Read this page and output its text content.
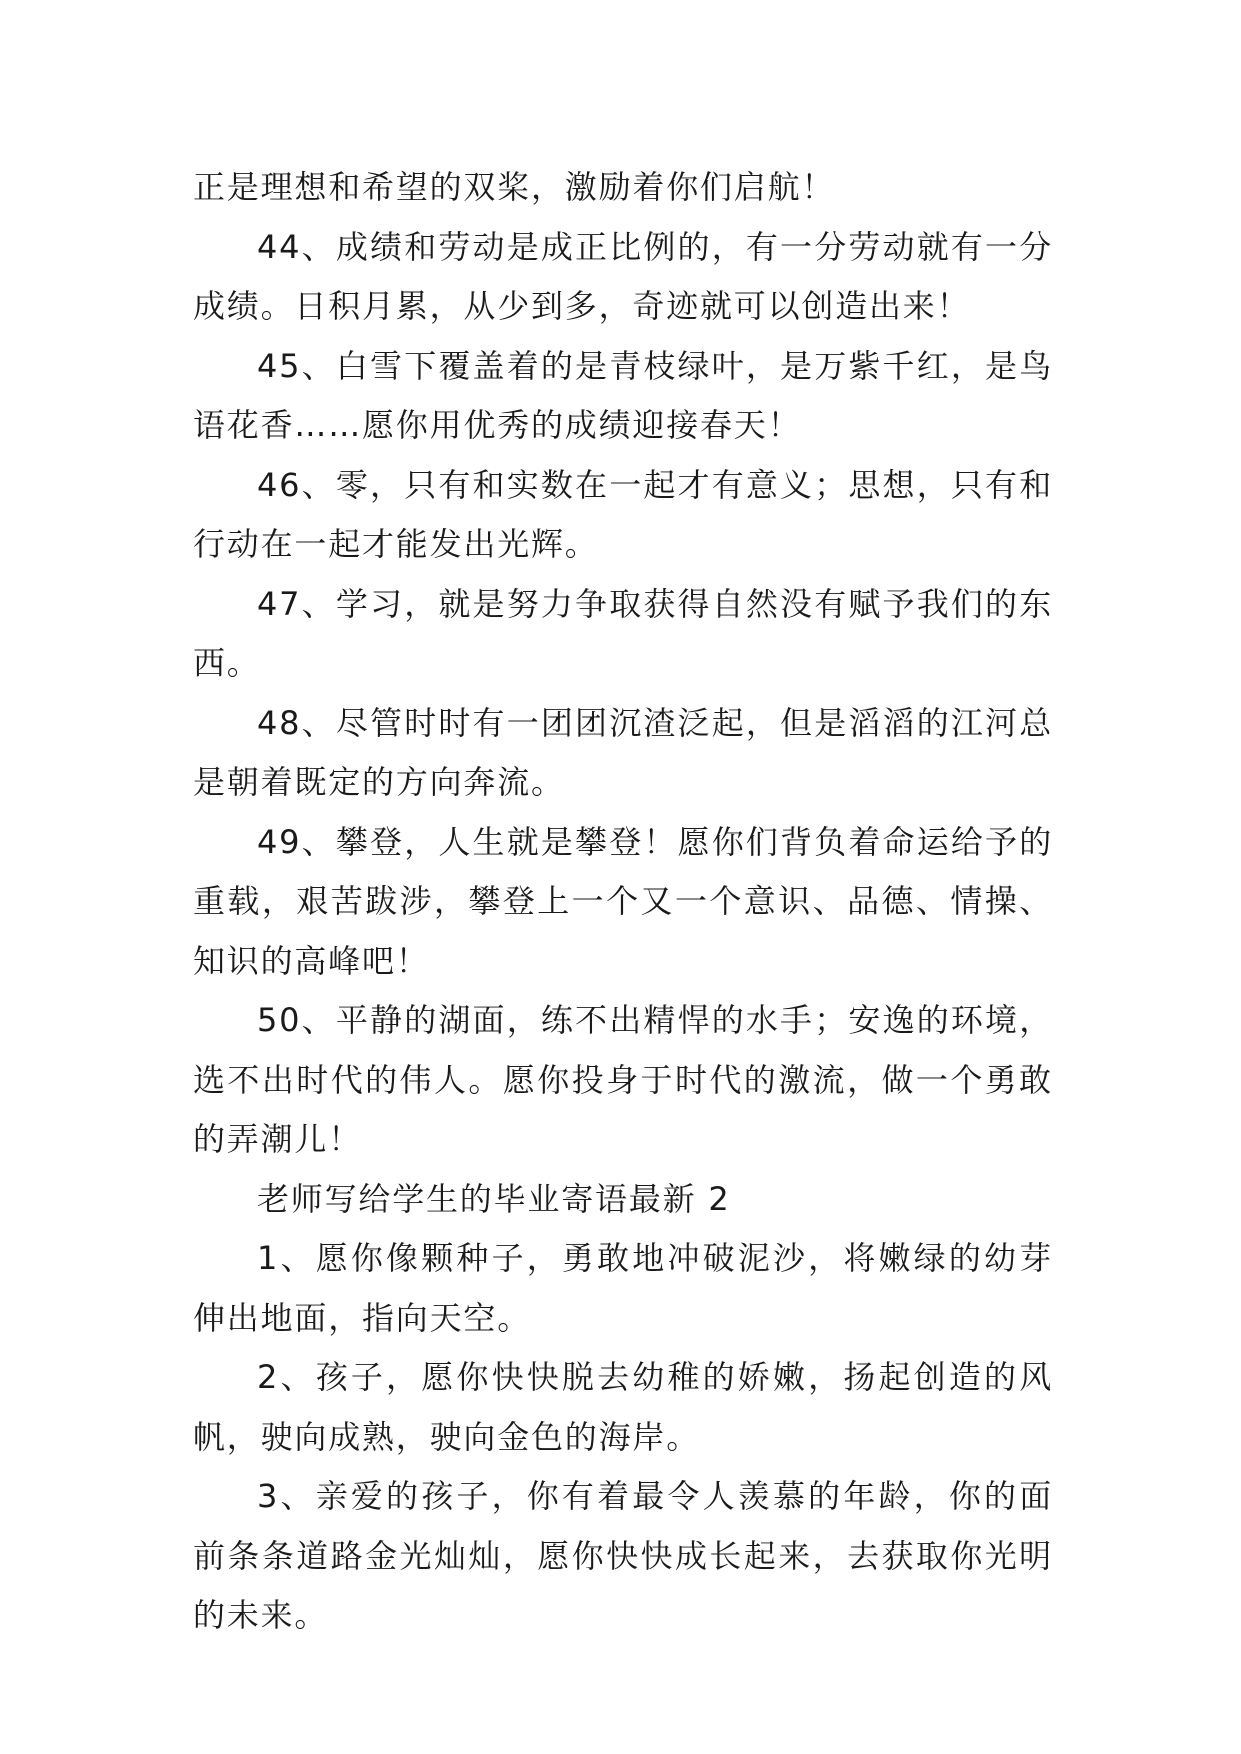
正是理想和希望的双桨，激励着你们启航！

44、成绩和劳动是成正比例的，有一分劳动就有一分成绩。日积月累，从少到多，奇迹就可以创造出来！

45、白雪下覆盖着的是青枝绿叶，是万紫千红，是鸟语花香……愿你用优秀的成绩迎接春天！

46、零，只有和实数在一起才有意义；思想，只有和行动在一起才能发出光辉。

47、学习，就是努力争取获得自然没有赋予我们的东西。

48、尽管时时有一团团沉渣泛起，但是滔滔的江河总是朝着既定的方向奔流。

49、攀登，人生就是攀登！愿你们背负着命运给予的重载，艰苦跋涉，攀登上一个又一个意识、品德、情操、知识的高峰吧！

50、平静的湖面，练不出精悍的水手；安逸的环境，选不出时代的伟人。愿你投身于时代的激流，做一个勇敢的弄潮儿！

老师写给学生的毕业寄语最新 2

1、愿你像颗种子，勇敢地冲破泥沙，将嫩绿的幼芽伸出地面，指向天空。

2、孩子，愿你快快脱去幼稚的娇嫩，扬起创造的风帆，驶向成熟，驶向金色的海岸。

3、亲爱的孩子，你有着最令人羡慕的年龄，你的面前条条道路金光灿灿，愿你快快成长起来，去获取你光明的未来。
